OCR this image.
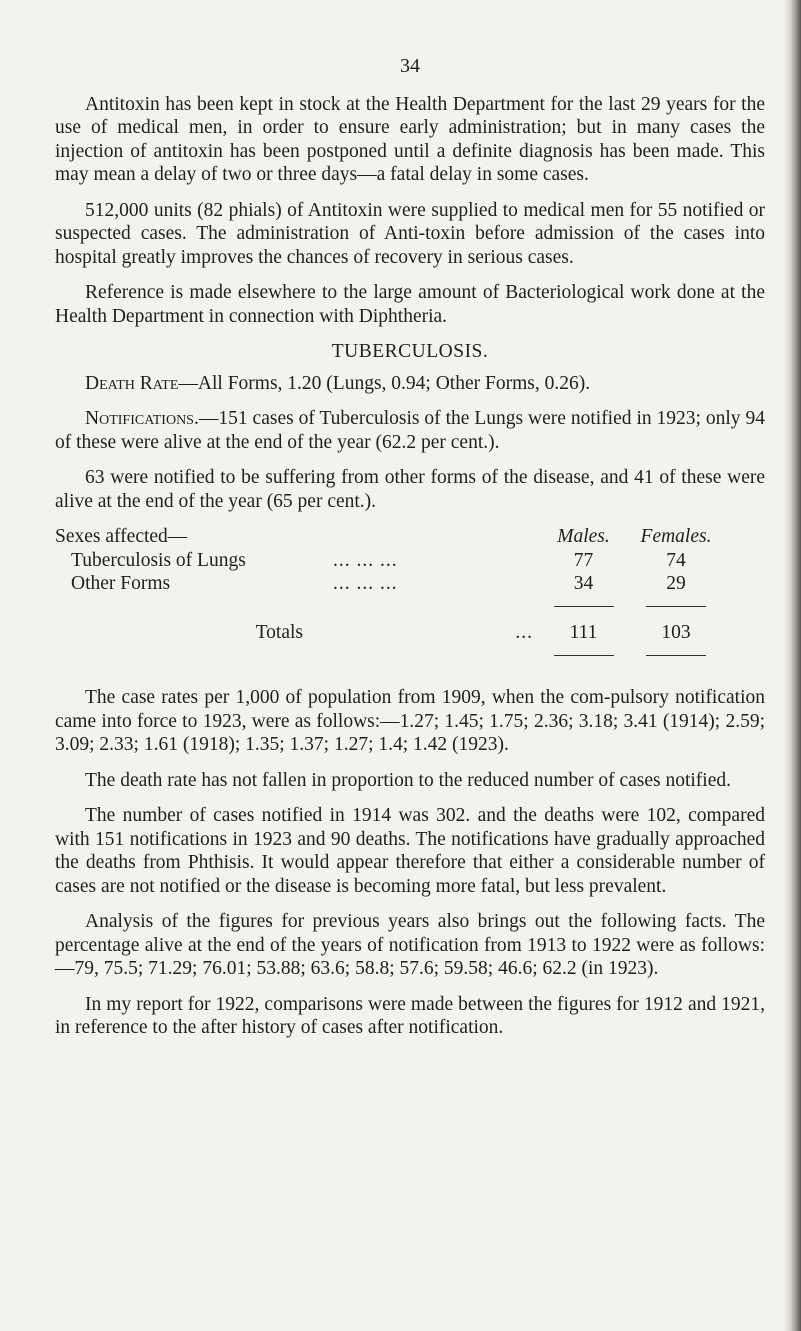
34

Antitoxin has been kept in stock at the Health Department for the last 29 years for the use of medical men, in order to ensure early administration; but in many cases the injection of antitoxin has been postponed until a definite diagnosis has been made. This may mean a delay of two or three days—a fatal delay in some cases.

512,000 units (82 phials) of Antitoxin were supplied to medical men for 55 notified or suspected cases. The administration of Anti-toxin before admission of the cases into hospital greatly improves the chances of recovery in serious cases.

Reference is made elsewhere to the large amount of Bacteriological work done at the Health Department in connection with Diphtheria.

TUBERCULOSIS.

Death Rate—All Forms, 1.20 (Lungs, 0.94; Other Forms, 0.26).

Notifications.—151 cases of Tuberculosis of the Lungs were notified in 1923; only 94 of these were alive at the end of the year (62.2 per cent.).

63 were notified to be suffering from other forms of the disease, and 41 of these were alive at the end of the year (65 per cent.).

Sexes affected—		Males.	Females.
Tuberculosis of Lungs	... ... ...	77	74
Other Forms	... ... ...	34	29

Totals	...	111	103

The case rates per 1,000 of population from 1909, when the com-pulsory notification came into force to 1923, were as follows:—1.27; 1.45; 1.75; 2.36; 3.18; 3.41 (1914); 2.59; 3.09; 2.33; 1.61 (1918); 1.35; 1.37; 1.27; 1.4; 1.42 (1923).

The death rate has not fallen in proportion to the reduced number of cases notified.

The number of cases notified in 1914 was 302. and the deaths were 102, compared with 151 notifications in 1923 and 90 deaths. The notifications have gradually approached the deaths from Phthisis. It would appear therefore that either a considerable number of cases are not notified or the disease is becoming more fatal, but less prevalent.

Analysis of the figures for previous years also brings out the following facts. The percentage alive at the end of the years of notification from 1913 to 1922 were as follows:—79, 75.5; 71.29; 76.01; 53.88; 63.6; 58.8; 57.6; 59.58; 46.6; 62.2 (in 1923).

In my report for 1922, comparisons were made between the figures for 1912 and 1921, in reference to the after history of cases after notification.
